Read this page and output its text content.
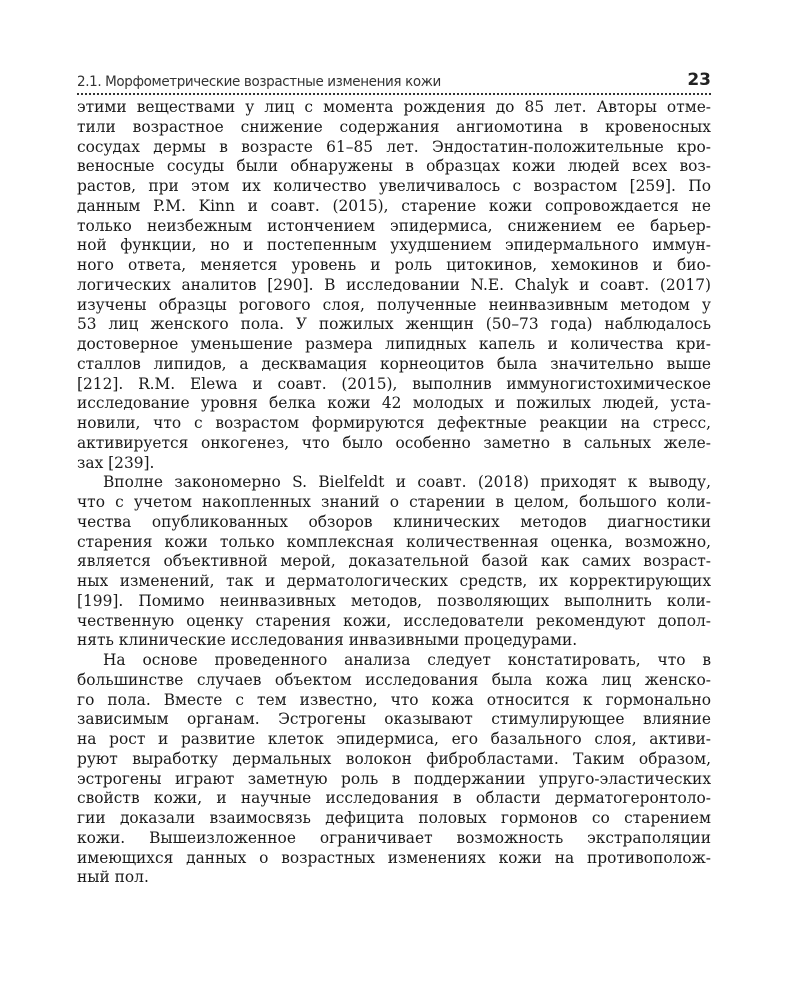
2.1. Морфометрические возрастные изменения кожи	23
этими веществами у лиц с момента рождения до 85 лет. Авторы отме-
тили возрастное снижение содержания ангиомотина в кровеносных
сосудах дермы в возрасте 61–85 лет. Эндостатин-положительные кро-
веносные сосуды были обнаружены в образцах кожи людей всех воз-
растов, при этом их количество увеличивалось с возрастом [259]. По
данным P.M. Kinn и соавт. (2015), старение кожи сопровождается не
только неизбежным истончением эпидермиса, снижением ее барьер-
ной функции, но и постепенным ухудшением эпидермального иммун-
ного ответа, меняется уровень и роль цитокинов, хемокинов и био-
логических аналитов [290]. В исследовании N.E. Chalyk и соавт. (2017)
изучены образцы рогового слоя, полученные неинвазивным методом у
53 лиц женского пола. У пожилых женщин (50–73 года) наблюдалось
достоверное уменьшение размера липидных капель и количества кри-
сталлов липидов, а десквамация корнеоцитов была значительно выше
[212]. R.M. Elewa и соавт. (2015), выполнив иммуногистохимическое
исследование уровня белка кожи 42 молодых и пожилых людей, уста-
новили, что с возрастом формируются дефектные реакции на стресс,
активируется онкогенез, что было особенно заметно в сальных желе-
зах [239].
Вполне закономерно S. Bielfeldt и соавт. (2018) приходят к выводу,
что с учетом накопленных знаний о старении в целом, большого коли-
чества опубликованных обзоров клинических методов диагностики
старения кожи только комплексная количественная оценка, возможно,
является объективной мерой, доказательной базой как самих возраст-
ных изменений, так и дерматологических средств, их корректирующих
[199]. Помимо неинвазивных методов, позволяющих выполнить коли-
чественную оценку старения кожи, исследователи рекомендуют допол-
нять клинические исследования инвазивными процедурами.
На основе проведенного анализа следует констатировать, что в
большинстве случаев объектом исследования была кожа лиц женско-
го пола. Вместе с тем известно, что кожа относится к гормонально
зависимым органам. Эстрогены оказывают стимулирующее влияние
на рост и развитие клеток эпидермиса, его базального слоя, активи-
руют выработку дермальных волокон фибробластами. Таким образом,
эстрогены играют заметную роль в поддержании упруго-эластических
свойств кожи, и научные исследования в области дерматогеронтоло-
гии доказали взаимосвязь дефицита половых гормонов со старением
кожи. Вышеизложенное ограничивает возможность экстраполяции
имеющихся данных о возрастных изменениях кожи на противополож-
ный пол.
